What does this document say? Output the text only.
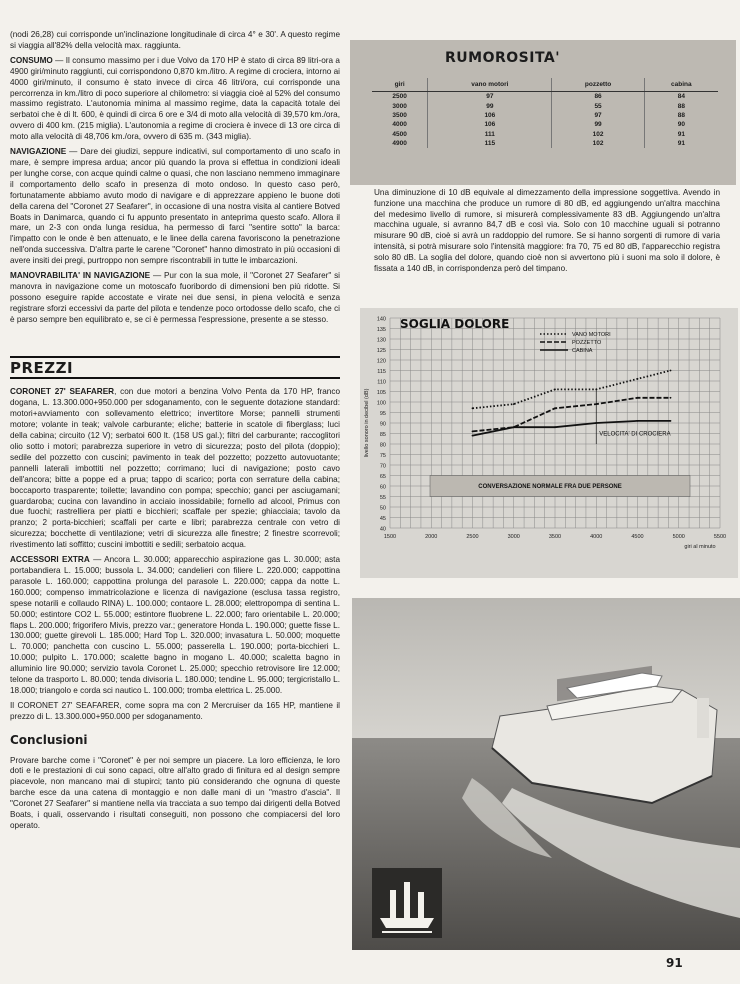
(nodi 26,28) cui corrisponde un'inclinazione longitudinale di circa 4° e 30'. A questo regime si viaggia all'82% della velocità max. raggiunta.

CONSUMO — Il consumo massimo per i due Volvo da 170 HP è stato di circa 89 litri-ora a 4900 giri/minuto raggiunti, cui corrispondono 0,870 km./litro. A regime di crociera, intorno ai 4000 giri/minuto, il consumo è stato invece di circa 46 litri/ora, cui corrisponde una percorrenza in km./litro di poco superiore al chilometro: si viaggia cioè al 52% del consumo massimo registrato. L'autonomia minima al massimo regime, data la capacità totale dei serbatoi che è di lt. 600, è quindi di circa 6 ore e 3/4 di moto alla velocità di 39,570 km./ora, ovvero di 400 km. (215 miglia). L'autonomia a regime di crociera è invece di 13 ore circa di moto alla velocità di 48,706 km./ora, ovvero di 635 m. (343 miglia).

NAVIGAZIONE — Dare dei giudizi, seppure indicativi, sul comportamento di uno scafo in mare, è sempre impresa ardua; ancor più quando la prova si effettua in condizioni ideali per lunghe corse, con acque quindi calme o quasi, che non lasciano nemmeno immaginare il comportamento dello scafo in presenza di moto ondoso. In questo caso però, fortunatamente abbiamo avuto modo di navigare e di apprezzare appieno le buone doti della carena del "Coronet 27 Seafarer", in occasione di una nostra visita al cantiere Botved Boats in Danimarca, quando ci fu appunto presentato in anteprima questo scafo. Allora il mare, un 2-3 con onda lunga residua, ha permesso di farci "sentire sotto" la barca: l'impatto con le onde è ben attenuato, e le linee della carena favoriscono la penetrazione nell'onda successiva. D'altra parte le carene "Coronet" hanno dimostrato in più occasioni di avere insiti dei pregi, purtroppo non sempre riscontrabili in tutte le imbarcazioni.

MANOVRABILITA' IN NAVIGAZIONE — Pur con la sua mole, il "Coronet 27 Seafarer" si manovra in navigazione come un motoscafo fuoribordo di dimensioni ben più ridotte. Si possono eseguire rapide accostate e virate nei due sensi, in piena velocità e senza registrare sforzi eccessivi da parte del pilota e tendenze poco ortodosse dello scafo, che ci è parso sempre ben equilibrato e, se ci è permessa l'espressione, presente a se stesso.

PREZZI

CORONET 27' SEAFARER, con due motori a benzina Volvo Penta da 170 HP, franco dogana, L. 13.300.000+950.000 per sdoganamento, con le seguente dotazione standard: motori+avviamento con sollevamento elettrico; invertitore Morse; pannelli strumenti motore; volante in teak; valvole carburante; eliche; batterie in scatole di fiberglass; luci della cabina; circuito (12 V); serbatoi 600 lt. (158 US gal.); filtri del carburante; raccoglitori olio sotto i motori; parabrezza superiore in vetro di sicurezza; posto del pilota (doppio); sedile del pozzetto con cuscini; pavimento in teak del pozzetto; pozzetto autovuotante; pannelli laterali imbottiti nel pozzetto; corrimano; luci di navigazione; posto cavo dell'ancora; bitte a poppe ed a prua; tappo di scarico; porta con serrature della cabina; boccaporto trasparente; toilette; lavandino con pompa; specchio; ganci per asciugamani; guardaroba; cucina con lavandino in acciaio inossidabile; fornello ad alcool, Primus con due fuochi; rastrelliera per piatti e bicchieri; scaffale per spezie; ghiacciaia; tavolo da pranzo; 2 porta-bicchieri; scaffali per carte e libri; parabrezza centrale con vetro di sicurezza; bocchette di ventilazione; vetri di sicurezza alle finestre; 2 finestre scorrevoli; rivestimento lati soffitto; cuscini imbottiti e sedili; serbatoio acqua.

ACCESSORI EXTRA — Ancora L. 30.000; apparecchio aspirazione gas L. 30.000; asta portabandiera L. 15.000; bussola L. 34.000; candelieri con filiere L. 220.000; cappottina parasole L. 160.000; cappottina prolunga del parasole L. 220.000; cappa da notte L. 160.000; compenso immatricolazione e licenza di navigazione (esclusa tassa registro, spese notarili e collaudo RINA) L. 100.000; contaore L. 28.000; elettropompa di sentina L. 50.000; estintore CO2 L. 55.000; estintore fluobrene L. 22.000; faro orientabile L. 20.000; flaps L. 200.000; frigorifero Mivis, prezzo var.; generatore Honda L. 190.000; guette fisse L. 130.000; guette girevoli L. 185.000; Hard Top L. 320.000; invasatura L. 50.000; moquette L. 70.000; panchetta con cuscino L. 55.000; passerella L. 190.000; porta-bicchieri L. 10.000; pulpito L. 170.000; scalette bagno in mogano L. 40.000; scaletta bagno in alluminio lire 90.000; servizio tavola Coronet L. 25.000; specchio retrovisore lire 12.000; telone da trasporto L. 80.000; tenda divisoria L. 180.000; tendine L. 95.000; tergicristallo L. 18.000; triangolo e corda sci nautico L. 100.000; tromba elettrica L. 25.000.

Il CORONET 27' SEAFARER, come sopra ma con 2 Mercruiser da 165 HP, mantiene il prezzo di L. 13.300.000+950.000 per sdoganamento.

Conclusioni

Provare barche come i "Coronet" è per noi sempre un piacere. La loro efficienza, le loro doti e le prestazioni di cui sono capaci, oltre all'alto grado di finitura ed al design sempre piacevole, non mancano mai di stupirci; tanto più considerando che ognuna di queste barche esce da una catena di montaggio e non dalle mani di un "mastro d'ascia". Il "Coronet 27 Seafarer" si mantiene nella via tracciata a suo tempo dai dirigenti della Botved Boats, i quali, osservando i risultati conseguiti, non possono che compiacersi del loro operato.

RUMOROSITA'
giri	vano motori	pozzetto	cabina
2500	97	86	84
3000	99	55	88
3500	106	97	88
4000	106	99	90
4500	111	102	91
4900	115	102	91
Una diminuzione di 10 dB equivale al dimezzamento della impressione soggettiva. Avendo in funzione una macchina che produce un rumore di 80 dB, ed aggiungendo un'altra macchina del medesimo livello di rumore, si misurerà complessivamente 83 dB. Aggiungendo un'altra macchina uguale, si avranno 84,7 dB e così via. Solo con 10 macchine uguali si potranno misurare 90 dB, cioè si avrà un raddoppio del rumore. Se si hanno sorgenti di rumore di varia intensità, si potrà misurare solo l'intensità maggiore: fra 70, 75 ed 80 dB, l'apparecchio registra solo 80 dB. La soglia del dolore, quando cioè non si avvertono più i suoni ma solo il dolore, è fissata a 140 dB, in corrispondenza però del timpano.
40
45
50
55
60
65
70
75
80
85
90
95
100
105
110
115
120
125
130
135
140
1500	2000	2500	3000	3500	4000	4500	5000	5500
CONVERSAZIONE NORMALE FRA DUE PERSONE
SOGLIA DOLORE
livello sonoro in decibel (dB)
giri al minuto
VANO MOTORI
POZZETTO
CABINA
VELOCITA' DI CROCIERA
91
